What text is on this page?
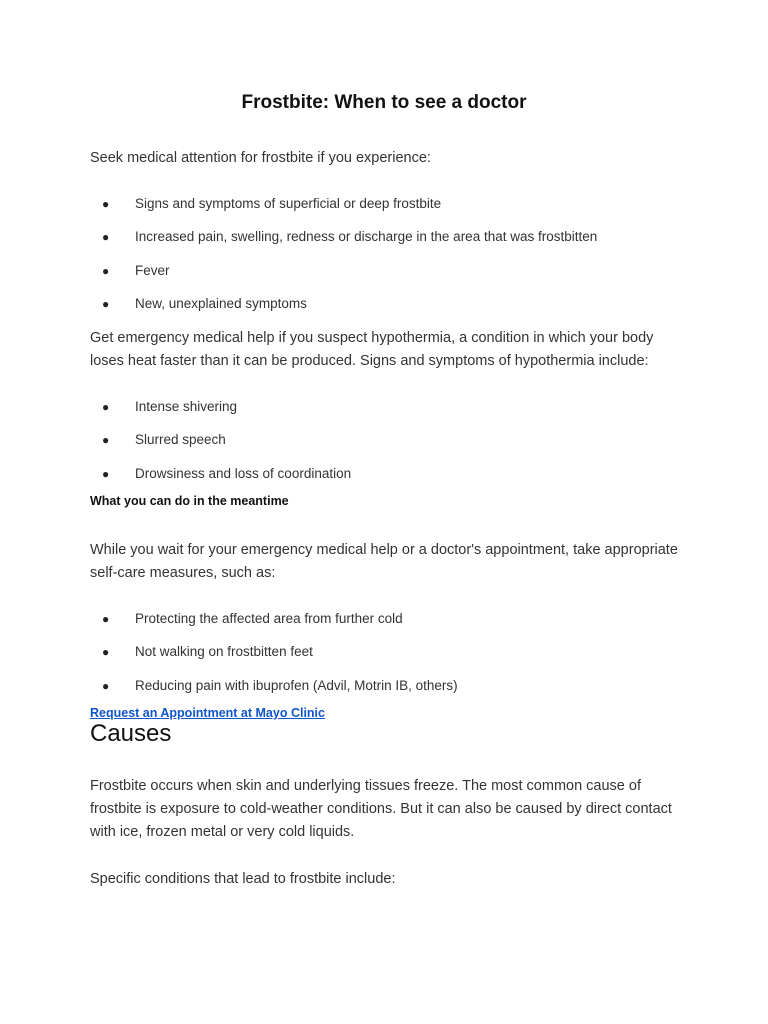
Frostbite: When to see a doctor

Seek medical attention for frostbite if you experience:

● Signs and symptoms of superficial or deep frostbite
● Increased pain, swelling, redness or discharge in the area that was frostbitten
● Fever
● New, unexplained symptoms

Get emergency medical help if you suspect hypothermia, a condition in which your body loses heat faster than it can be produced. Signs and symptoms of hypothermia include:

● Intense shivering
● Slurred speech
● Drowsiness and loss of coordination
What you can do in the meantime

While you wait for your emergency medical help or a doctor's appointment, take appropriate self-care measures, such as:

● Protecting the affected area from further cold
● Not walking on frostbitten feet
● Reducing pain with ibuprofen (Advil, Motrin IB, others)
Request an Appointment at Mayo Clinic
Causes

Frostbite occurs when skin and underlying tissues freeze. The most common cause of frostbite is exposure to cold-weather conditions. But it can also be caused by direct contact with ice, frozen metal or very cold liquids.

Specific conditions that lead to frostbite include:
